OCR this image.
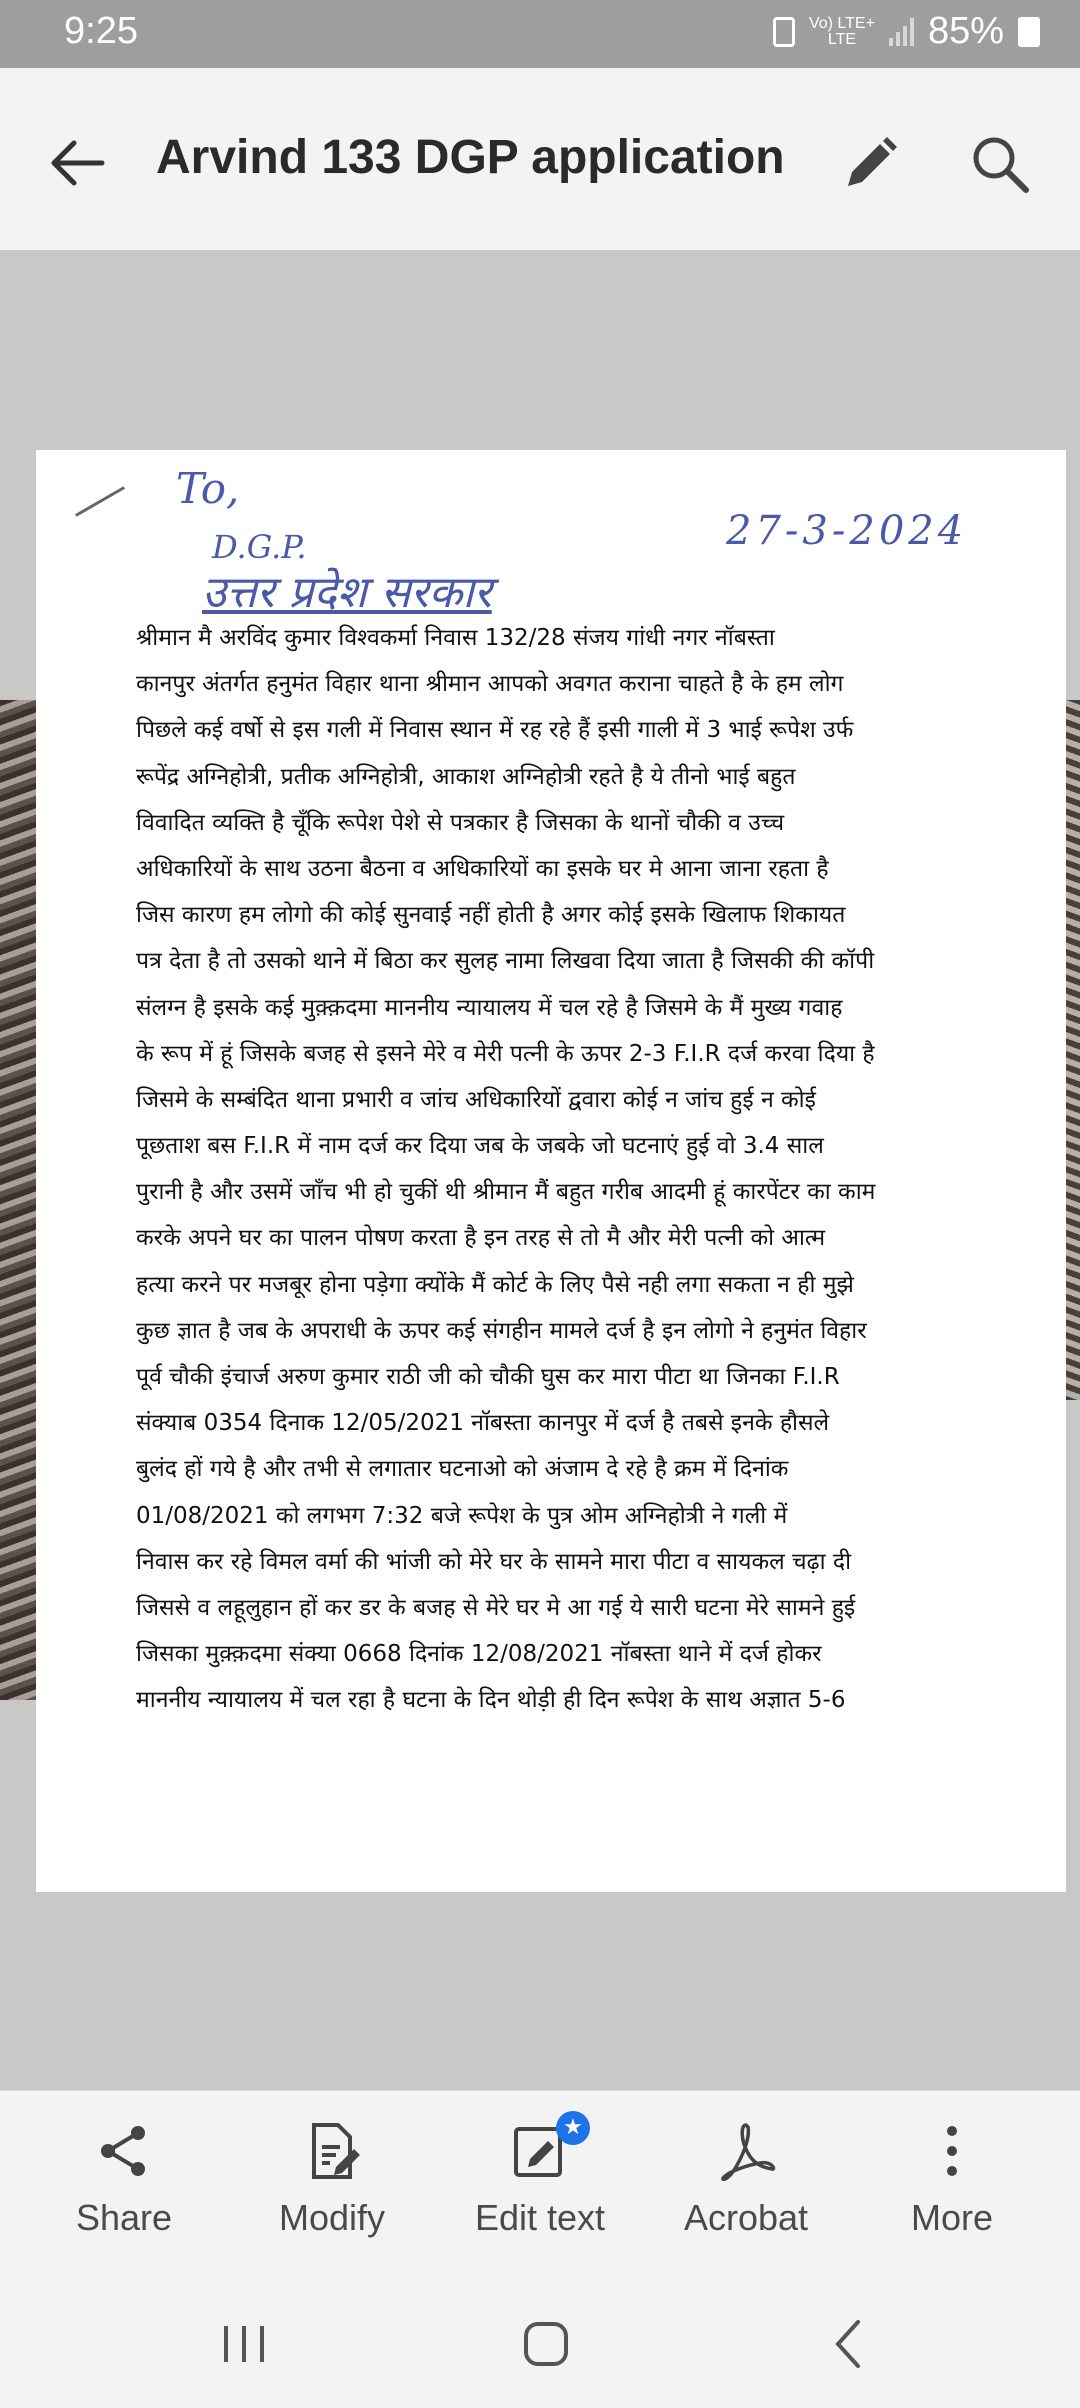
9:25	Vo) LTE+
LTE	85%
Arvind 133 DGP application
To,
D.G.P.
उत्तर प्रदेश सरकार
27-3-2024
श्रीमान मै अरविंद कुमार विश्वकर्मा निवास 132/28 संजय गांधी नगर नॉबस्ता
कानपुर अंतर्गत हनुमंत विहार थाना श्रीमान आपको अवगत कराना चाहते है के हम लोग
पिछले कई वर्षो से इस गली में निवास स्थान में रह रहे हैं इसी गाली में 3 भाई रूपेश उर्फ
रूपेंद्र अग्निहोत्री, प्रतीक अग्निहोत्री, आकाश अग्निहोत्री रहते है ये तीनो भाई बहुत
विवादित व्यक्ति है चूँकि रूपेश पेशे से पत्रकार है जिसका के थानों चौकी व उच्च
अधिकारियों के साथ उठना बैठना व अधिकारियों का इसके घर मे आना जाना रहता है
जिस कारण हम लोगो की कोई सुनवाई नहीं होती है अगर कोई इसके खिलाफ शिकायत
पत्र देता है तो उसको थाने में बिठा कर सुलह नामा लिखवा दिया जाता है जिसकी की कॉपी
संलग्न है इसके कई मुक़्क़दमा माननीय न्यायालय में चल रहे है जिसमे के मैं मुख्य गवाह
के रूप में हूं जिसके बजह से इसने मेरे व मेरी पत्नी के ऊपर 2-3 F.I.R दर्ज करवा दिया है
जिसमे के सम्बंदित थाना प्रभारी व जांच अधिकारियों द्ववारा कोई न जांच हुई न कोई
पूछताश बस F.I.R में नाम दर्ज कर दिया जब के जबके जो घटनाएं हुई वो 3.4 साल
पुरानी है और उसमें जाँच भी हो चुकीं थी श्रीमान मैं बहुत गरीब आदमी हूं कारपेंटर का काम
करके अपने घर का पालन पोषण करता है इन तरह से तो मै और मेरी पत्नी को आत्म
हत्या करने पर मजबूर होना पड़ेगा क्योंके मैं कोर्ट के लिए पैसे नही लगा सकता न ही मुझे
कुछ ज्ञात है जब के अपराधी के ऊपर कई संगहीन मामले दर्ज है इन लोगो ने हनुमंत विहार
पूर्व चौकी इंचार्ज अरुण कुमार राठी जी को चौकी घुस कर मारा पीटा था जिनका F.I.R
संक्याब 0354 दिनाक 12/05/2021 नॉबस्ता कानपुर में दर्ज है तबसे इनके हौसले
बुलंद हों गये है और तभी से लगातार घटनाओ को अंजाम दे रहे है क्रम में दिनांक
01/08/2021 को लगभग 7:32 बजे रूपेश के पुत्र ओम अग्निहोत्री ने गली में
निवास कर रहे विमल वर्मा की भांजी को मेरे घर के सामने मारा पीटा व सायकल चढ़ा दी
जिससे व लहूलुहान हों कर डर के बजह से मेरे घर मे आ गई ये सारी घटना मेरे सामने हुई
जिसका मुक़्क़दमा संक्या 0668 दिनांक 12/08/2021 नॉबस्ता थाने में दर्ज होकर
माननीय न्यायालय में चल रहा है घटना के दिन थोड़ी ही दिन रूपेश के साथ अज्ञात 5-6
Share	Modify
★
Edit text	Acrobat	More
